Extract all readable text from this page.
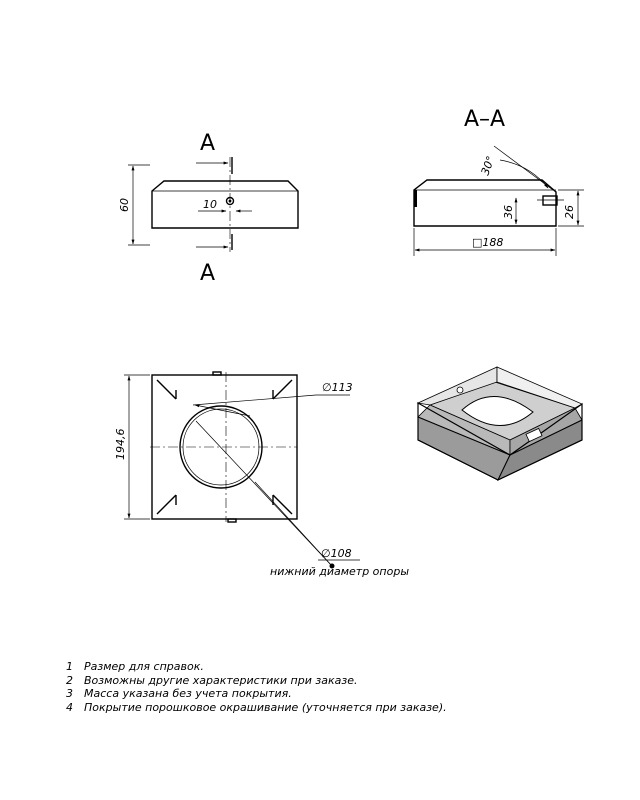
60	10
А
А
А–А
30°
36	26
□188
∅113
∅108
нижний диаметр опоры
194,6
1 Размер для справок.
2 Возможны другие характеристики при заказе.
3 Масса указана без учета покрытия.
4 Покрытие порошковое окрашивание (уточняется при заказе).
